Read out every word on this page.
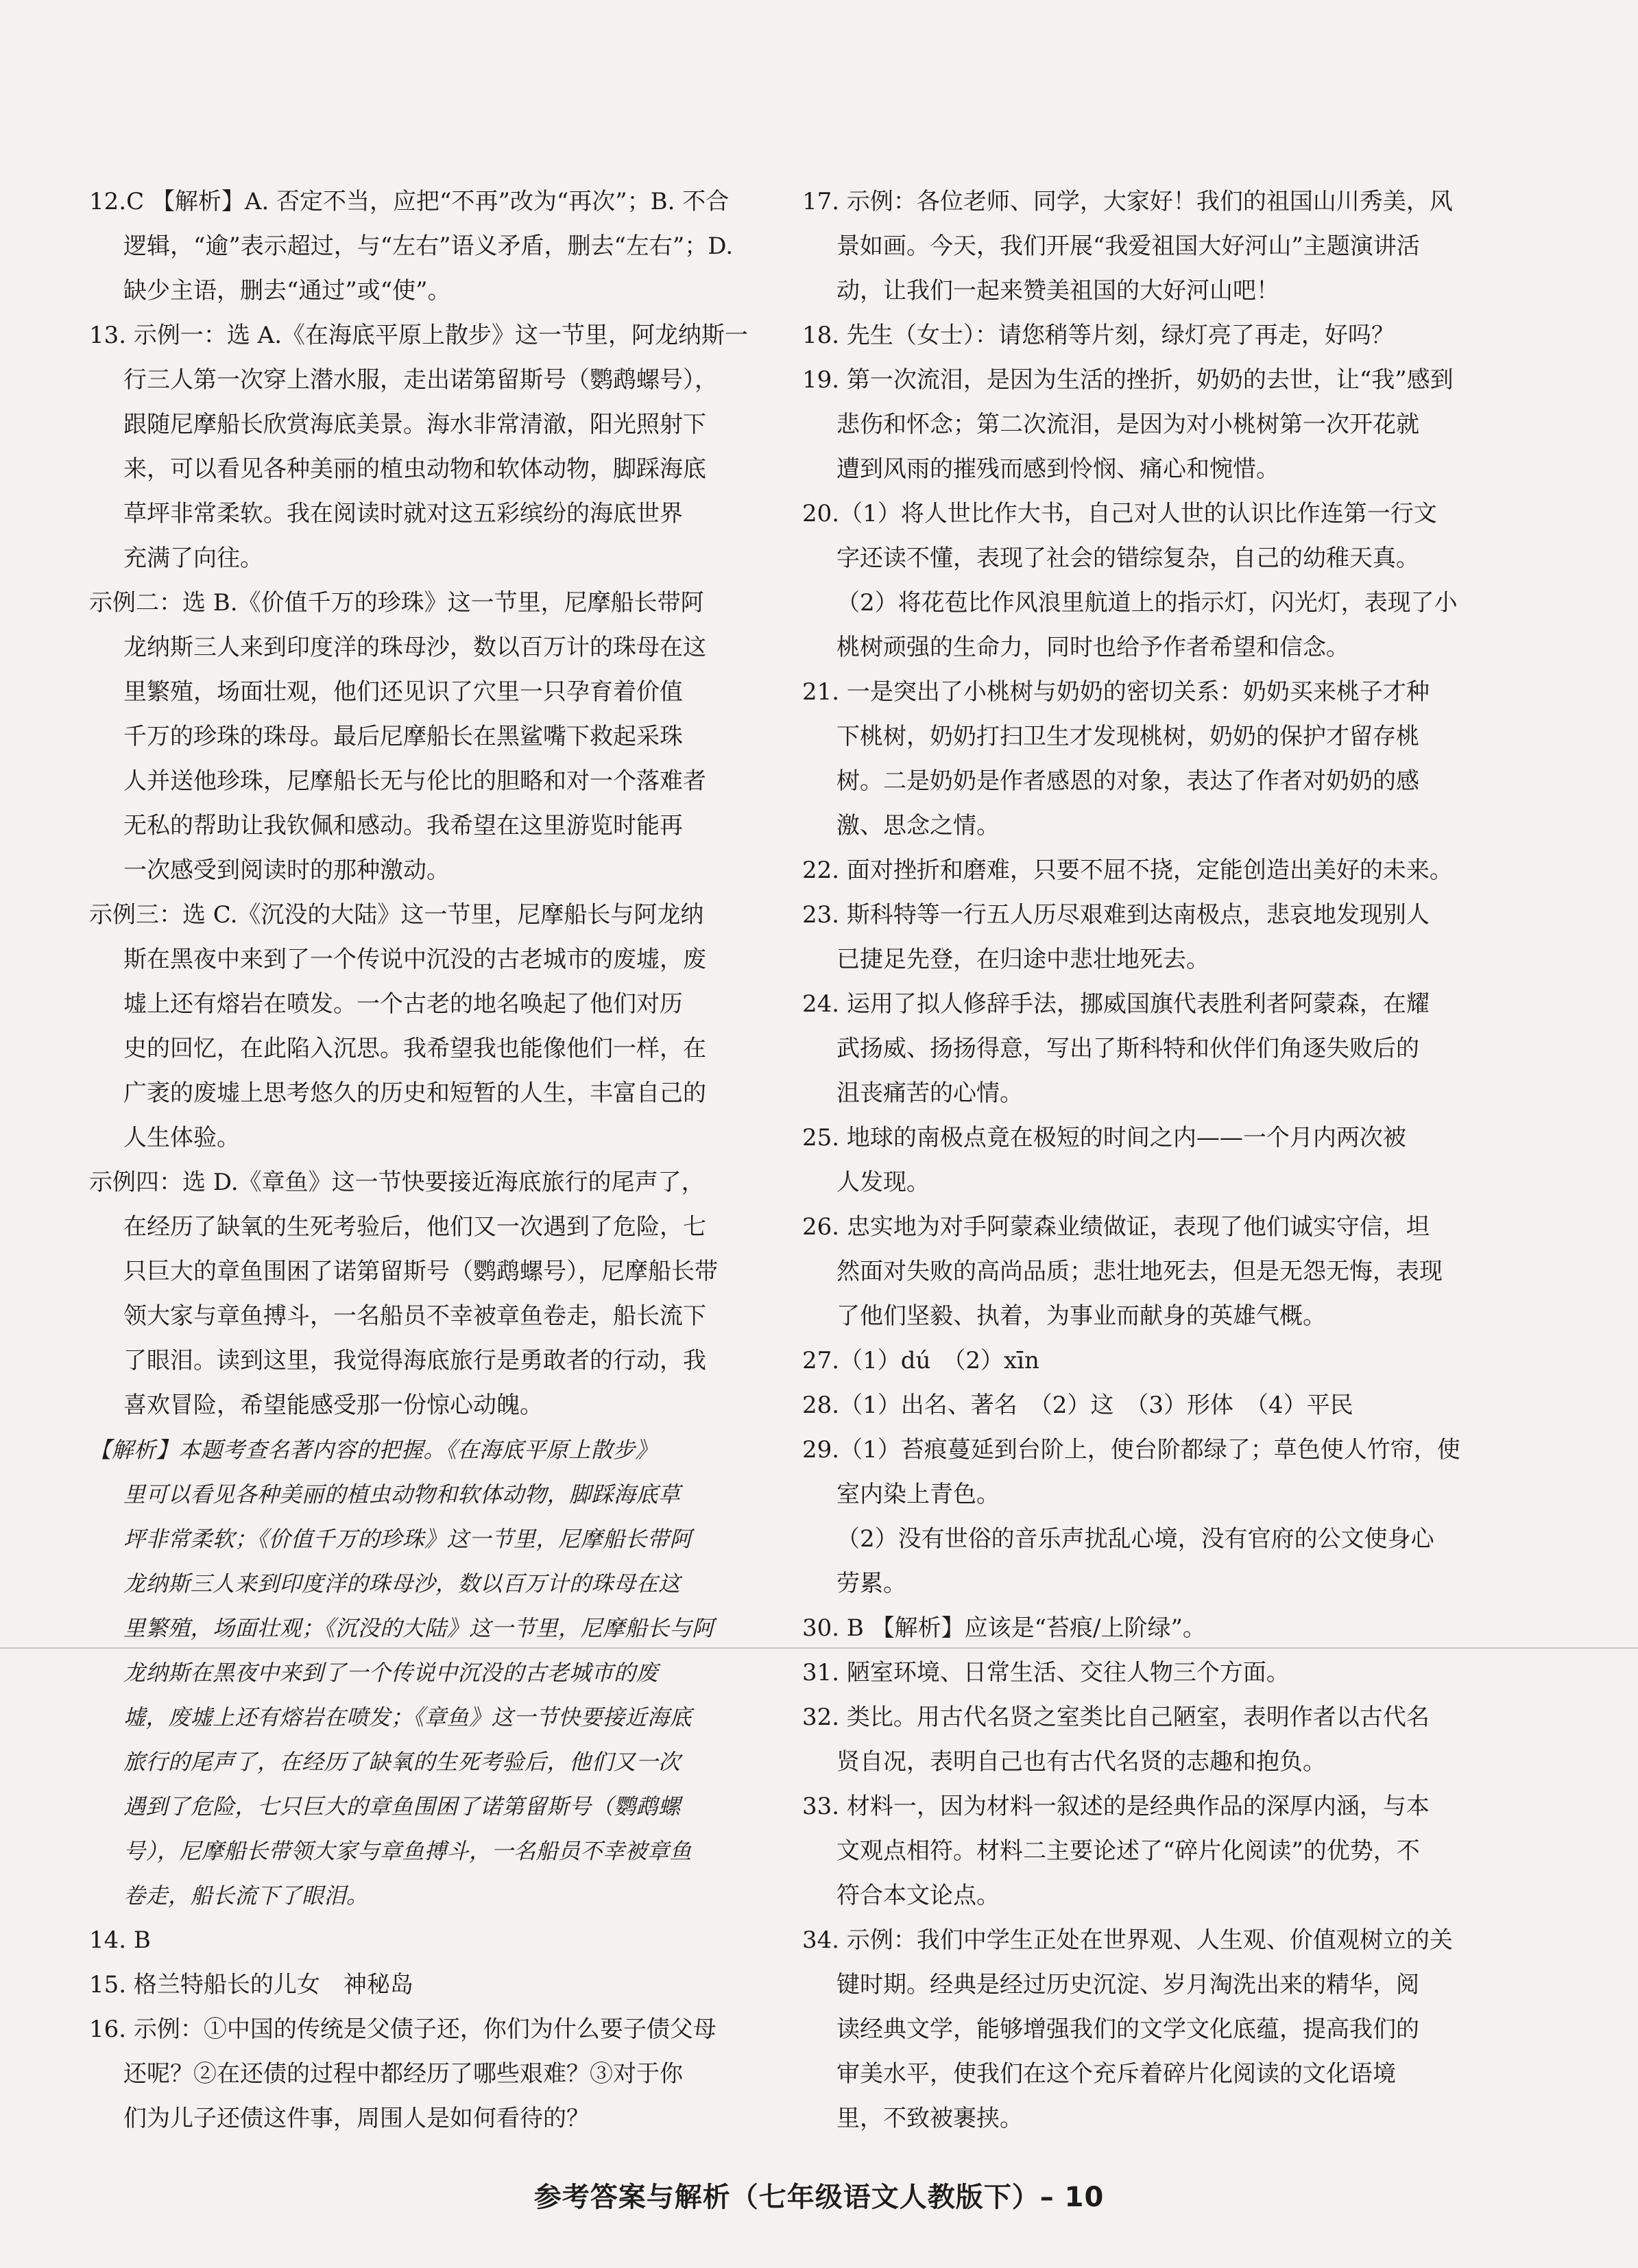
12.C 【解析】A. 否定不当，应把“不再”改为“再次”；B. 不合
逻辑，“逾”表示超过，与“左右”语义矛盾，删去“左右”；D.
缺少主语，删去“通过”或“使”。
13. 示例一：选 A.《在海底平原上散步》这一节里，阿龙纳斯一
行三人第一次穿上潜水服，走出诺第留斯号（鹦鹉螺号），
跟随尼摩船长欣赏海底美景。海水非常清澈，阳光照射下
来，可以看见各种美丽的植虫动物和软体动物，脚踩海底
草坪非常柔软。我在阅读时就对这五彩缤纷的海底世界
充满了向往。
示例二：选 B.《价值千万的珍珠》这一节里，尼摩船长带阿
龙纳斯三人来到印度洋的珠母沙，数以百万计的珠母在这
里繁殖，场面壮观，他们还见识了穴里一只孕育着价值
千万的珍珠的珠母。最后尼摩船长在黑鲨嘴下救起采珠
人并送他珍珠，尼摩船长无与伦比的胆略和对一个落难者
无私的帮助让我钦佩和感动。我希望在这里游览时能再
一次感受到阅读时的那种激动。
示例三：选 C.《沉没的大陆》这一节里，尼摩船长与阿龙纳
斯在黑夜中来到了一个传说中沉没的古老城市的废墟，废
墟上还有熔岩在喷发。一个古老的地名唤起了他们对历
史的回忆，在此陷入沉思。我希望我也能像他们一样，在
广袤的废墟上思考悠久的历史和短暂的人生，丰富自己的
人生体验。
示例四：选 D.《章鱼》这一节快要接近海底旅行的尾声了，
在经历了缺氧的生死考验后，他们又一次遇到了危险，七
只巨大的章鱼围困了诺第留斯号（鹦鹉螺号），尼摩船长带
领大家与章鱼搏斗，一名船员不幸被章鱼卷走，船长流下
了眼泪。读到这里，我觉得海底旅行是勇敢者的行动，我
喜欢冒险，希望能感受那一份惊心动魄。
【解析】本题考查名著内容的把握。《在海底平原上散步》
里可以看见各种美丽的植虫动物和软体动物，脚踩海底草
坪非常柔软；《价值千万的珍珠》这一节里，尼摩船长带阿
龙纳斯三人来到印度洋的珠母沙，数以百万计的珠母在这
里繁殖，场面壮观；《沉没的大陆》这一节里，尼摩船长与阿
龙纳斯在黑夜中来到了一个传说中沉没的古老城市的废
墟，废墟上还有熔岩在喷发；《章鱼》这一节快要接近海底
旅行的尾声了，在经历了缺氧的生死考验后，他们又一次
遇到了危险，七只巨大的章鱼围困了诺第留斯号（鹦鹉螺
号），尼摩船长带领大家与章鱼搏斗，一名船员不幸被章鱼
卷走，船长流下了眼泪。
14. B
15. 格兰特船长的儿女　神秘岛
16. 示例：①中国的传统是父债子还，你们为什么要子债父母
还呢？②在还债的过程中都经历了哪些艰难？③对于你
们为儿子还债这件事，周围人是如何看待的？
17. 示例：各位老师、同学，大家好！我们的祖国山川秀美，风
景如画。今天，我们开展“我爱祖国大好河山”主题演讲活
动，让我们一起来赞美祖国的大好河山吧！
18. 先生（女士）：请您稍等片刻，绿灯亮了再走，好吗？
19. 第一次流泪，是因为生活的挫折，奶奶的去世，让“我”感到
悲伤和怀念；第二次流泪，是因为对小桃树第一次开花就
遭到风雨的摧残而感到怜悯、痛心和惋惜。
20.（1）将人世比作大书，自己对人世的认识比作连第一行文
字还读不懂，表现了社会的错综复杂，自己的幼稚天真。
（2）将花苞比作风浪里航道上的指示灯，闪光灯，表现了小
桃树顽强的生命力，同时也给予作者希望和信念。
21. 一是突出了小桃树与奶奶的密切关系：奶奶买来桃子才种
下桃树，奶奶打扫卫生才发现桃树，奶奶的保护才留存桃
树。二是奶奶是作者感恩的对象，表达了作者对奶奶的感
激、思念之情。
22. 面对挫折和磨难，只要不屈不挠，定能创造出美好的未来。
23. 斯科特等一行五人历尽艰难到达南极点，悲哀地发现别人
已捷足先登，在归途中悲壮地死去。
24. 运用了拟人修辞手法，挪威国旗代表胜利者阿蒙森，在耀
武扬威、扬扬得意，写出了斯科特和伙伴们角逐失败后的
沮丧痛苦的心情。
25. 地球的南极点竟在极短的时间之内——一个月内两次被
人发现。
26. 忠实地为对手阿蒙森业绩做证，表现了他们诚实守信，坦
然面对失败的高尚品质；悲壮地死去，但是无怨无悔，表现
了他们坚毅、执着，为事业而献身的英雄气概。
27.（1）dú　（2）xīn
28.（1）出名、著名　（2）这　（3）形体　（4）平民
29.（1）苔痕蔓延到台阶上，使台阶都绿了；草色使人竹帘，使
室内染上青色。
（2）没有世俗的音乐声扰乱心境，没有官府的公文使身心
劳累。
30. B 【解析】应该是“苔痕/上阶绿”。
31. 陋室环境、日常生活、交往人物三个方面。
32. 类比。用古代名贤之室类比自己陋室，表明作者以古代名
贤自况，表明自己也有古代名贤的志趣和抱负。
33. 材料一，因为材料一叙述的是经典作品的深厚内涵，与本
文观点相符。材料二主要论述了“碎片化阅读”的优势，不
符合本文论点。
34. 示例：我们中学生正处在世界观、人生观、价值观树立的关
键时期。经典是经过历史沉淀、岁月淘洗出来的精华，阅
读经典文学，能够增强我们的文学文化底蕴，提高我们的
审美水平，使我们在这个充斥着碎片化阅读的文化语境
里，不致被裹挟。
参考答案与解析（七年级语文人教版下）– 10
